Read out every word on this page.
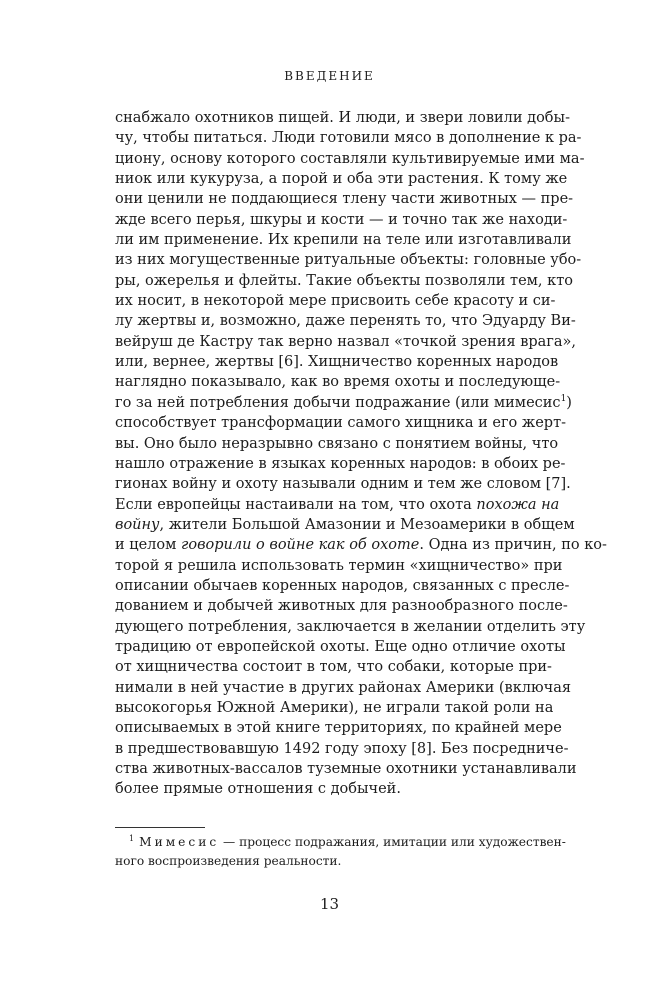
ВВЕДЕНИЕ
снабжало охотников пищей. И люди, и звери ловили добы-
чу, чтобы питаться. Люди готовили мясо в дополнение к ра-
циону, основу которого составляли культивируемые ими ма-
ниок или кукуруза, а порой и оба эти растения. К тому же
они ценили не поддающиеся тлену части животных — пре-
жде всего перья, шкуры и кости — и точно так же находи-
ли им применение. Их крепили на теле или изготавливали
из них могущественные ритуальные объекты: головные убо-
ры, ожерелья и флейты. Такие объекты позволяли тем, кто
их носит, в некоторой мере присвоить себе красоту и си-
лу жертвы и, возможно, даже перенять то, что Эдуарду Ви-
вейруш де Кастру так верно назвал «точкой зрения врага»,
или, вернее, жертвы [6]. Хищничество коренных народов
наглядно показывало, как во время охоты и последующе-
го за ней потребления добычи подражание (или мимесис$^1$)
способствует трансформации самого хищника и его жерт-
вы. Оно было неразрывно связано с понятием войны, что
нашло отражение в языках коренных народов: в обоих ре-
гионах войну и охоту называли одним и тем же словом [7].
Если европейцы настаивали на том, что охота похожа на
войну, жители Большой Амазонии и Мезоамерики в общем
и целом говорили о войне как об охоте. Одна из причин, по ко-
торой я решила использовать термин «хищничество» при
описании обычаев коренных народов, связанных с пресле-
дованием и добычей животных для разнообразного после-
дующего потребления, заключается в желании отделить эту
традицию от европейской охоты. Еще одно отличие охоты
от хищничества состоит в том, что собаки, которые при-
нимали в ней участие в других районах Америки (включая
высокогорья Южной Америки), не играли такой роли на
описываемых в этой книге территориях, по крайней мере
в предшествовавшую 1492 году эпоху [8]. Без посредниче-
ства животных-вассалов туземные охотники устанавливали
более прямые отношения с добычей.
$^1$ Мимесис — процесс подражания, имитации или художествен-
ного воспроизведения реальности.
13
